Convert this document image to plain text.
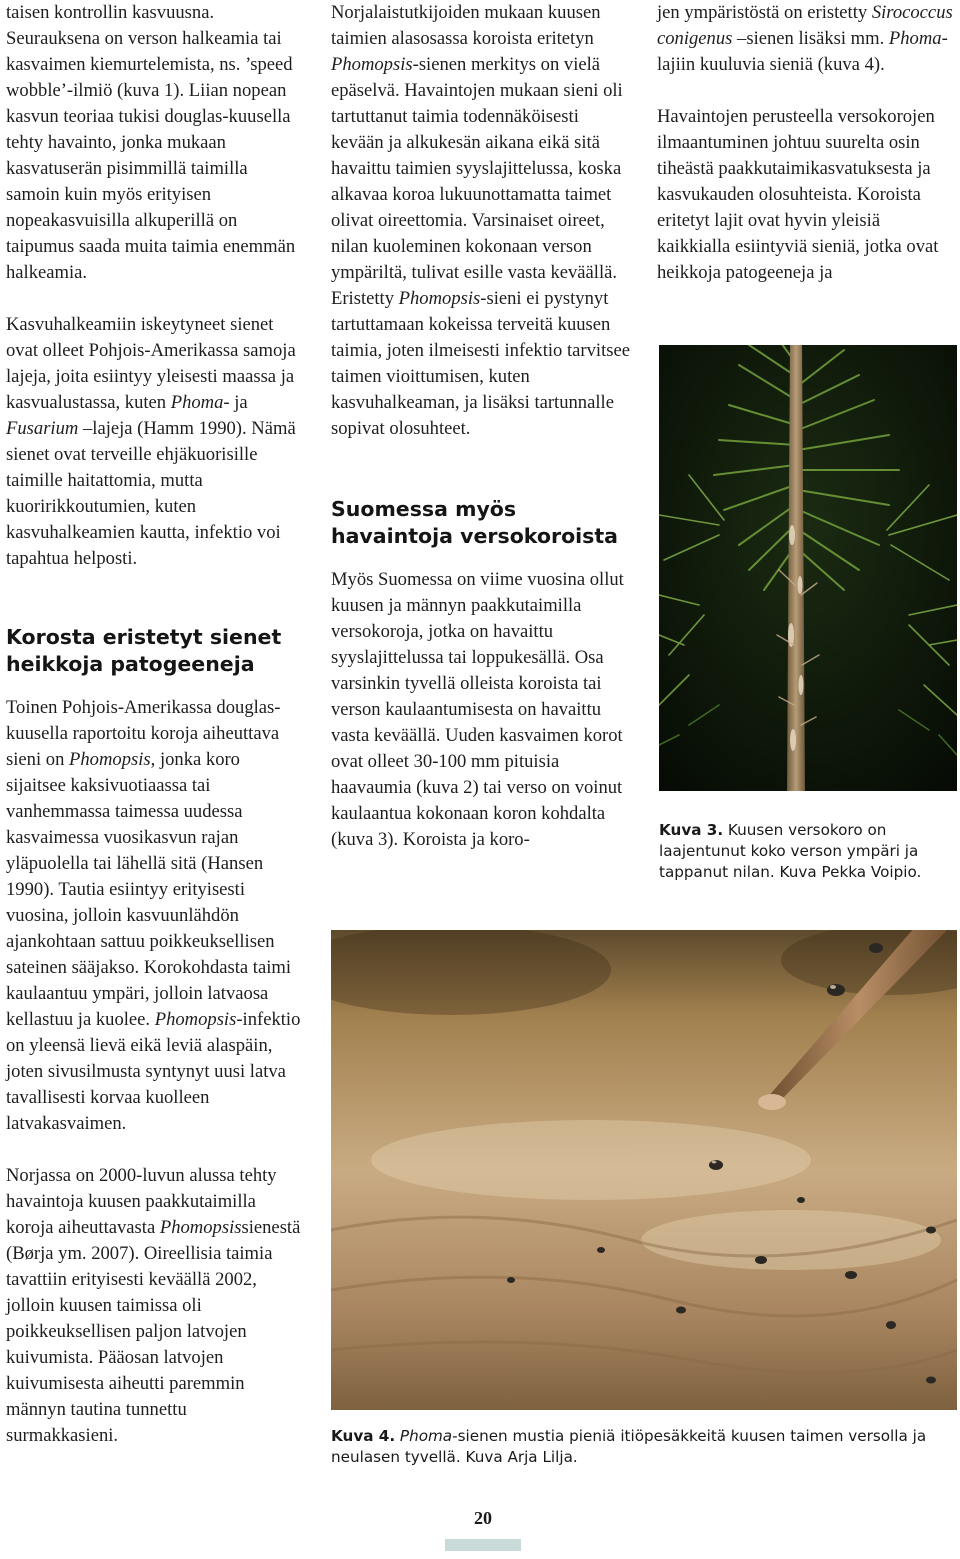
taisen kontrollin kasvuusna. Seurauksena on verson halkeamia tai kasvaimen kiemurtelemista, ns. ’speed wobble’-ilmiö (kuva 1). Liian nopean kasvun teoriaa tukisi douglas-kuusella tehty havainto, jonka mukaan kasvatuserän pisimmillä taimilla samoin kuin myös erityisen nopeakasvuisilla alkuperillä on taipumus saada muita taimia enemmän halkeamia.

Kasvuhalkeamiin iskeytyneet sienet ovat olleet Pohjois-Amerikassa samoja lajeja, joita esiintyy yleisesti maassa ja kasvualustassa, kuten Phoma- ja Fusarium –lajeja (Hamm 1990). Nämä sienet ovat terveille ehjäkuorisille taimille haitattomia, mutta kuoririkkoutumien, kuten kasvuhalkeamien kautta, infektio voi tapahtua helposti.

Korosta eristetyt sienet heikkoja patogeeneja

Toinen Pohjois-Amerikassa douglas-kuusella raportoitu koroja aiheuttava sieni on Phomopsis, jonka koro sijaitsee kaksivuotiaassa tai vanhemmassa taimessa uudessa kasvaimessa vuosikasvun rajan yläpuolella tai lähellä sitä (Hansen 1990). Tautia esiintyy erityisesti vuosina, jolloin kasvuunlähdön ajankohtaan sattuu poikkeuksellisen sateinen sääjakso. Korokohdasta taimi kaulaantuu ympäri, jolloin latvaosa kellastuu ja kuolee. Phomopsis-infektio on yleensä lievä eikä leviä alaspäin, joten sivusilmusta syntynyt uusi latva tavallisesti korvaa kuolleen latvakasvaimen.

Norjassa on 2000-luvun alussa tehty havaintoja kuusen paakkutaimilla koroja aiheuttavasta Phomopsissienestä (Børja ym. 2007). Oireellisia taimia tavattiin erityisesti keväällä 2002, jolloin kuusen taimissa oli poikkeuksellisen paljon latvojen kuivumista. Pääosan latvojen kuivumisesta aiheutti paremmin männyn tautina tunnettu surmakkasieni.

Norjalaistutkijoiden mukaan kuusen taimien alasosassa koroista eritetyn Phomopsis-sienen merkitys on vielä epäselvä. Havaintojen mukaan sieni oli tartuttanut taimia todennäköisesti kevään ja alkukesän aikana eikä sitä havaittu taimien syyslajittelussa, koska alkavaa koroa lukuunottamatta taimet olivat oireettomia. Varsinaiset oireet, nilan kuoleminen kokonaan verson ympäriltä, tulivat esille vasta keväällä. Eristetty Phomopsis-sieni ei pystynyt tartuttamaan kokeissa terveitä kuusen taimia, joten ilmeisesti infektio tarvitsee taimen vioittumisen, kuten kasvuhalkeaman, ja lisäksi tartunnalle sopivat olosuhteet.

Suomessa myös havaintoja versokoroista

Myös Suomessa on viime vuosina ollut kuusen ja männyn paakkutaimilla versokoroja, jotka on havaittu syyslajittelussa tai loppukesällä. Osa varsinkin tyvellä olleista koroista tai verson kaulaantumisesta on havaittu vasta keväällä. Uuden kasvaimen korot ovat olleet 30-100 mm pituisia haavaumia (kuva 2) tai verso on voinut kaulaantua kokonaan koron kohdalta (kuva 3). Koroista ja koro-

jen ympäristöstä on eristetty Sirococcus conigenus –sienen lisäksi mm. Phoma-lajiin kuuluvia sieniä (kuva 4).

Havaintojen perusteella versokorojen ilmaantuminen johtuu suurelta osin tiheästä paakkutaimikasvatuksesta ja kasvukauden olosuhteista. Koroista eritetyt lajit ovat hyvin yleisiä kaikkialla esiintyviä sieniä, jotka ovat heikkoja patogeeneja ja

Kuva 3. Kuusen versokoro on laajentunut koko verson ympäri ja tappanut nilan. Kuva Pekka Voipio.
Kuva 4. Phoma-sienen mustia pieniä itiöpesäkkeitä kuusen taimen versolla ja neulasen tyvellä. Kuva Arja Lilja.
20
